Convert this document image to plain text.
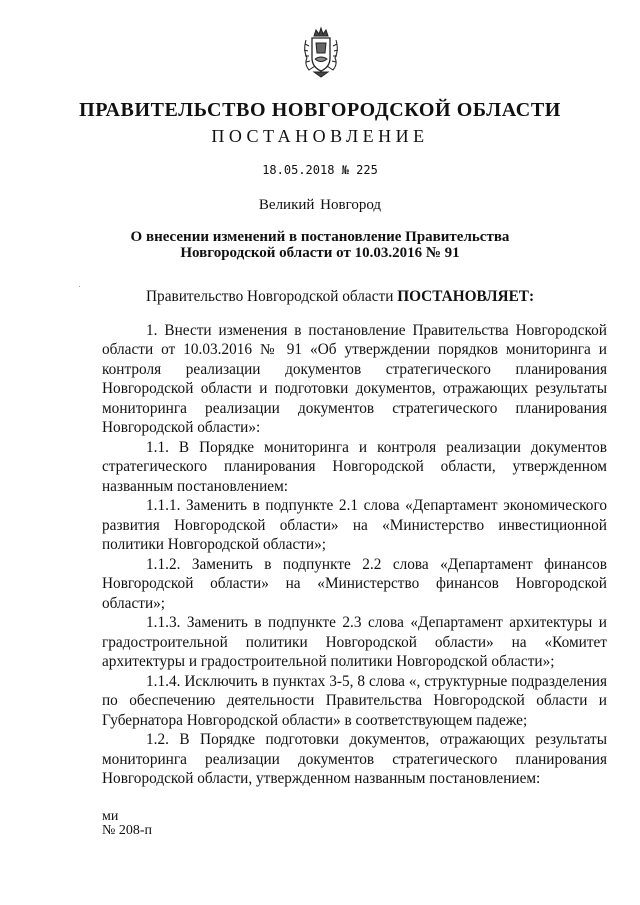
ПРАВИТЕЛЬСТВО НОВГОРОДСКОЙ ОБЛАСТИ
ПОСТАНОВЛЕНИЕ
18.05.2018 № 225
Великий Новгород
О внесении изменений в постановление Правительства
Новгородской области от 10.03.2016 № 91

Правительство Новгородской области ПОСТАНОВЛЯЕТ:

1. Внести изменения в постановление Правительства Новгородской области от 10.03.2016 № 91 «Об утверждении порядков мониторинга и контроля реализации документов стратегического планирования Новгородской области и подготовки документов, отражающих результаты мониторинга реализации документов стратегического планирования Новгородской области»:

1.1. В Порядке мониторинга и контроля реализации документов стратегического планирования Новгородской области, утвержденном названным постановлением:

1.1.1. Заменить в подпункте 2.1 слова «Департамент экономического развития Новгородской области» на «Министерство инвестиционной политики Новгородской области»;

1.1.2. Заменить в подпункте 2.2 слова «Департамент финансов Новгородской области» на «Министерство финансов Новгородской области»;

1.1.3. Заменить в подпункте 2.3 слова «Департамент архитектуры и градостроительной политики Новгородской области» на «Комитет архитектуры и градостроительной политики Новгородской области»;

1.1.4. Исключить в пунктах 3-5, 8 слова «, структурные подразделения по обеспечению деятельности Правительства Новгородской области и Губернатора Новгородской области» в соответствующем падеже;

1.2. В Порядке подготовки документов, отражающих результаты мониторинга реализации документов стратегического планирования Новгородской области, утвержденном названным постановлением:

ми
№ 208-п
